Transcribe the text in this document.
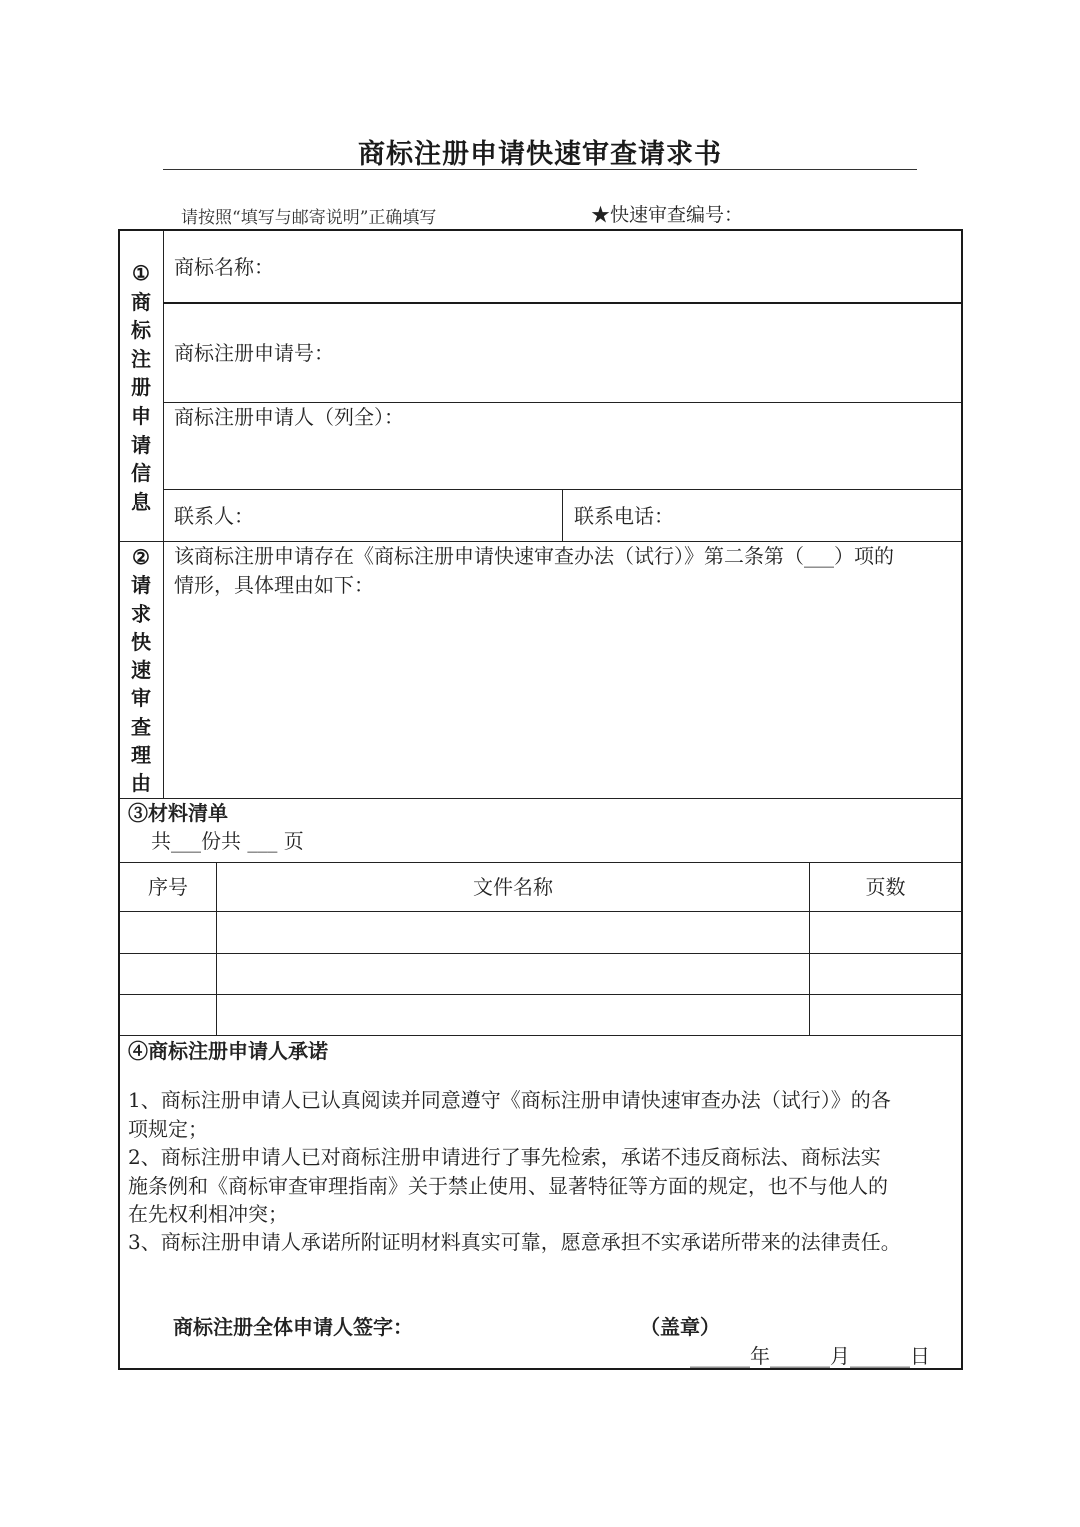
商标注册申请快速审查请求书
请按照“填写与邮寄说明”正确填写	★快速审查编号：
①
商
标
注
册
申
请
信
息
商标名称：
商标注册申请号：
商标注册申请人（列全）：
联系人：	联系电话：
②
请
求
快
速
审
查
理
由
该商标注册申请存在《商标注册申请快速审查办法（试行）》第二条第（___）项的
情形，具体理由如下：
③材料清单
共___份共 ___ 页
序号	文件名称	页数
④商标注册申请人承诺
1、商标注册申请人已认真阅读并同意遵守《商标注册申请快速审查办法（试行）》的各
项规定；
2、商标注册申请人已对商标注册申请进行了事先检索，承诺不违反商标法、商标法实
施条例和《商标审查审理指南》关于禁止使用、显著特征等方面的规定，也不与他人的
在先权利相冲突；
3、商标注册申请人承诺所附证明材料真实可靠，愿意承担不实承诺所带来的法律责任。
商标注册全体申请人签字：	（盖章）
______年______月______日
